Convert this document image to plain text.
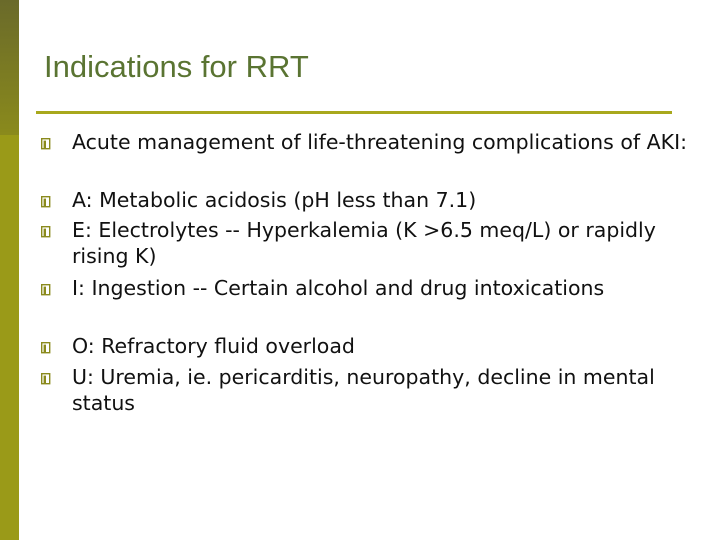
Indications for RRT
Acute management of life-threatening complications of AKI:
A: Metabolic acidosis (pH less than 7.1)
E: Electrolytes -- Hyperkalemia (K >6.5 meq/L) or rapidly rising K)
I: Ingestion -- Certain alcohol and drug intoxications
O: Refractory fluid overload
U: Uremia, ie. pericarditis, neuropathy, decline in mental status
